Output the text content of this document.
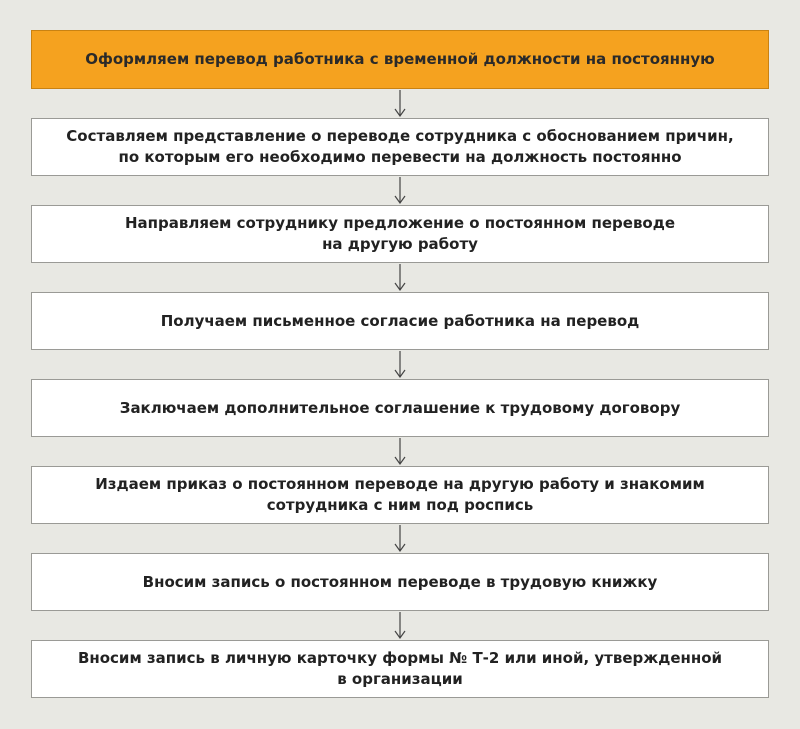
Оформляем перевод работника с временной должности на постоянную
Составляем представление о переводе сотрудника с обоснованием причин,
по которым его необходимо перевести на должность постоянно
Направляем сотруднику предложение о постоянном переводе
на другую работу
Получаем письменное согласие работника на перевод
Заключаем дополнительное соглашение к трудовому договору
Издаем приказ о постоянном переводе на другую работу и знакомим
сотрудника с ним под роспись
Вносим запись о постоянном переводе в трудовую книжку
Вносим запись в личную карточку формы № Т-2 или иной, утвержденной
в организации
